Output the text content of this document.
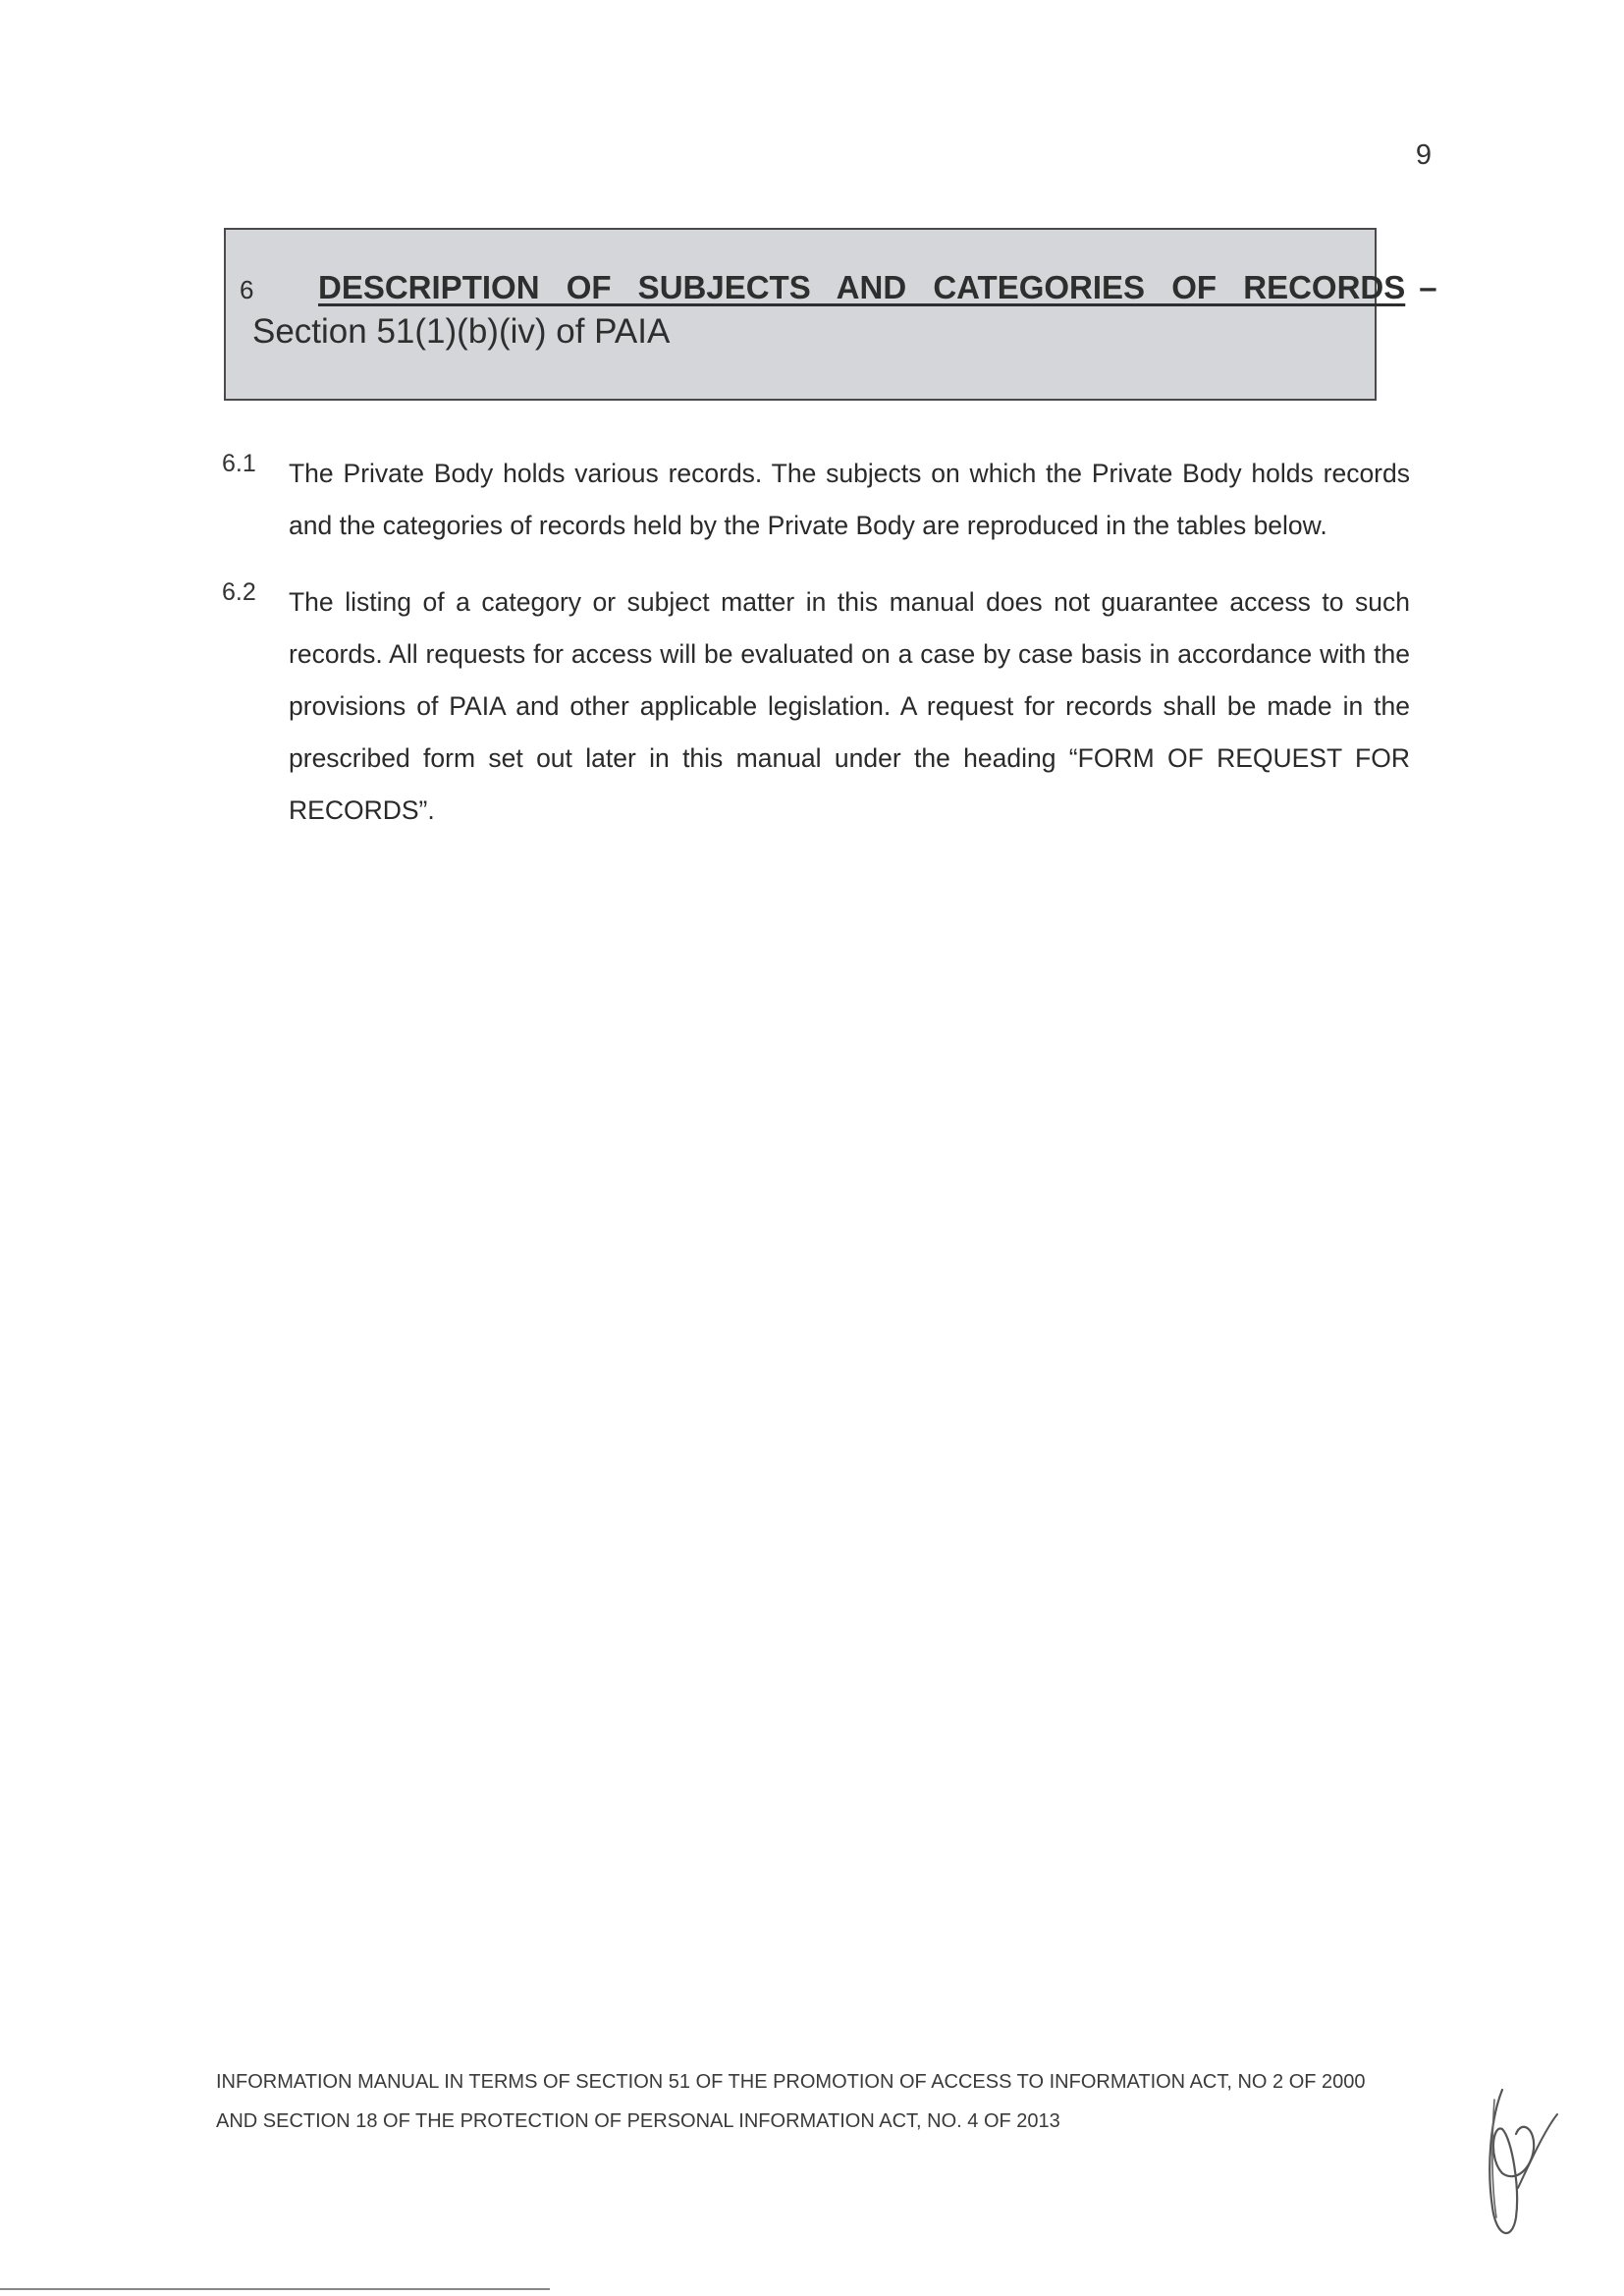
9
6 DESCRIPTION OF SUBJECTS AND CATEGORIES OF RECORDS –
Section 51(1)(b)(iv) of PAIA
6.1 The Private Body holds various records. The subjects on which the Private Body holds records and the categories of records held by the Private Body are reproduced in the tables below.
6.2 The listing of a category or subject matter in this manual does not guarantee access to such records. All requests for access will be evaluated on a case by case basis in accordance with the provisions of PAIA and other applicable legislation. A request for records shall be made in the prescribed form set out later in this manual under the heading “FORM OF REQUEST FOR RECORDS”.
INFORMATION MANUAL IN TERMS OF SECTION 51 OF THE PROMOTION OF ACCESS TO INFORMATION ACT, NO 2 OF 2000
AND SECTION 18 OF THE PROTECTION OF PERSONAL INFORMATION ACT, NO. 4 OF 2013
